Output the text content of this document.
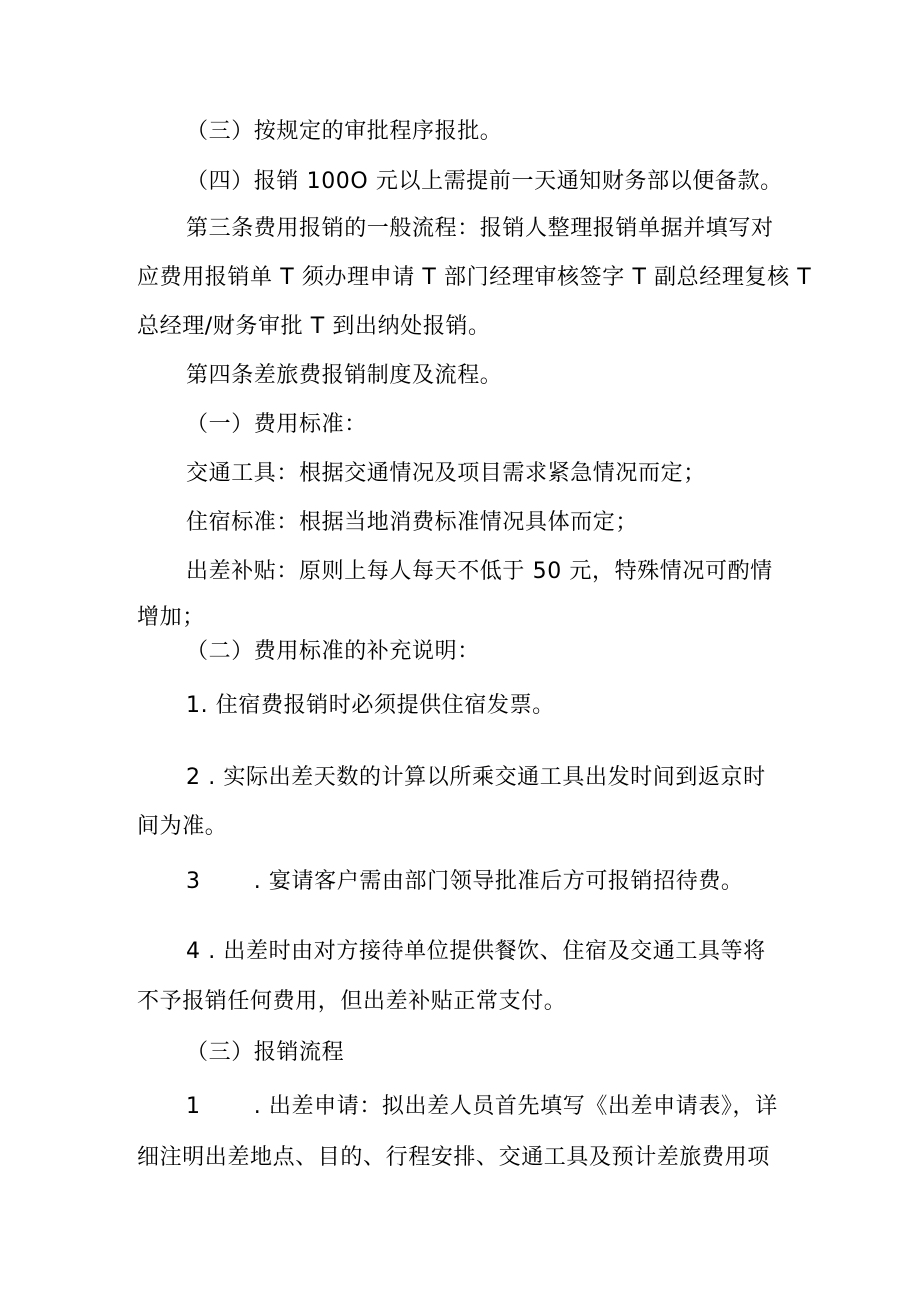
（三）按规定的审批程序报批。
（四）报销 100O 元以上需提前一天通知财务部以便备款。
第三条费用报销的一般流程：报销人整理报销单据并填写对
应费用报销单 T 须办理申请 T 部门经理审核签字 T 副总经理复核 T
总经理/财务审批 T 到出纳处报销。
第四条差旅费报销制度及流程。
（一）费用标准：
交通工具：根据交通情况及项目需求紧急情况而定；
住宿标准：根据当地消费标准情况具体而定；
出差补贴：原则上每人每天不低于 50 元，特殊情况可酌情
增加；
（二）费用标准的补充说明：
1. 住宿费报销时必须提供住宿发票。
2 . 实际出差天数的计算以所乘交通工具出发时间到返京时
间为准。
3       . 宴请客户需由部门领导批准后方可报销招待费。
4 . 出差时由对方接待单位提供餐饮、住宿及交通工具等将
不予报销任何费用，但出差补贴正常支付。
（三）报销流程
1       . 出差申请：拟出差人员首先填写《出差申请表》，详
细注明出差地点、目的、行程安排、交通工具及预计差旅费用项
